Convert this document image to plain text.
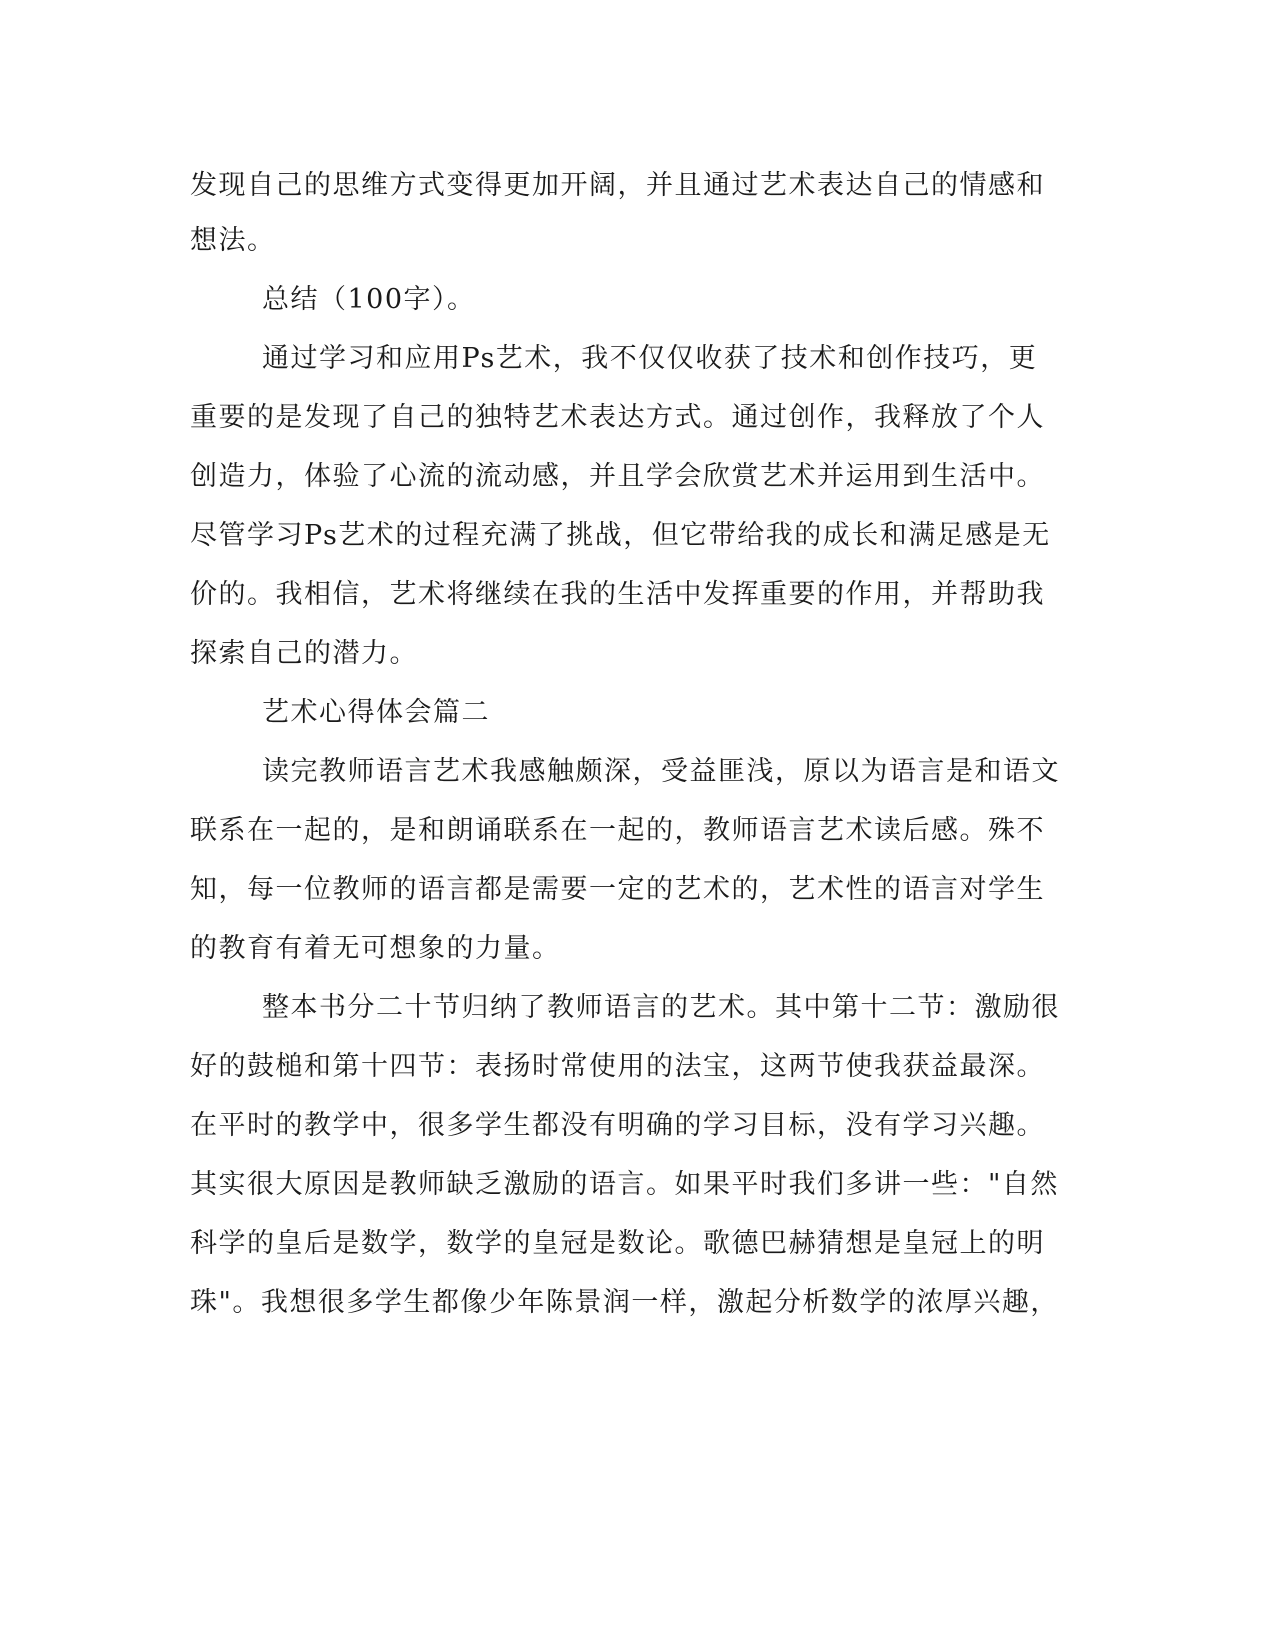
发现自己的思维方式变得更加开阔，并且通过艺术表达自己的情感和
想法。
总结（100字）。
通过学习和应用Ps艺术，我不仅仅收获了技术和创作技巧，更
重要的是发现了自己的独特艺术表达方式。通过创作，我释放了个人
创造力，体验了心流的流动感，并且学会欣赏艺术并运用到生活中。
尽管学习Ps艺术的过程充满了挑战，但它带给我的成长和满足感是无
价的。我相信，艺术将继续在我的生活中发挥重要的作用，并帮助我
探索自己的潜力。
艺术心得体会篇二
读完教师语言艺术我感触颇深，受益匪浅，原以为语言是和语文
联系在一起的，是和朗诵联系在一起的，教师语言艺术读后感。殊不
知，每一位教师的语言都是需要一定的艺术的，艺术性的语言对学生
的教育有着无可想象的力量。
整本书分二十节归纳了教师语言的艺术。其中第十二节：激励很
好的鼓槌和第十四节：表扬时常使用的法宝，这两节使我获益最深。
在平时的教学中，很多学生都没有明确的学习目标，没有学习兴趣。
其实很大原因是教师缺乏激励的语言。如果平时我们多讲一些："自然
科学的皇后是数学，数学的皇冠是数论。歌德巴赫猜想是皇冠上的明
珠"。我想很多学生都像少年陈景润一样，激起分析数学的浓厚兴趣，
